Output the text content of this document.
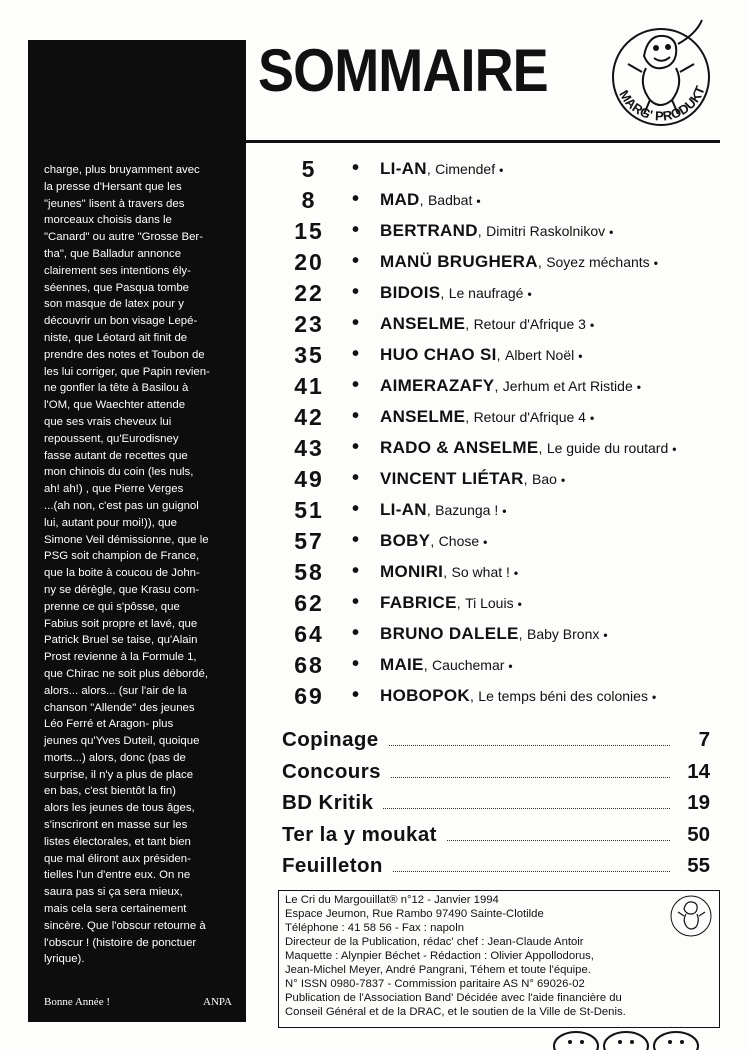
SOMMAIRE	MARG' PRODUKT
charge, plus bruyamment avec
la presse d'Hersant que les
"jeunes" lisent à travers des
morceaux choisis dans le
"Canard" ou autre "Grosse Ber-
tha", que Balladur annonce
clairement ses intentions ély-
séennes, que Pasqua tombe
son masque de latex pour y
découvrir un bon visage Lepé-
niste, que Léotard ait finit de
prendre des notes et Toubon de
les lui corriger, que Papin revien-
ne gonfler la tête à Basilou à
l'OM, que Waechter attende
que ses vrais cheveux lui
repoussent, qu'Eurodisney
fasse autant de recettes que
mon chinois du coin (les nuls,
ah! ah!) , que Pierre Verges
...(ah non, c'est pas un guignol
lui, autant pour moi!)), que
Simone Veil démissionne, que le
PSG soit champion de France,
que la boite à coucou de John-
ny se dérègle, que Krasu com-
prenne ce qui s'pôsse, que
Fabius soit propre et lavé, que
Patrick Bruel se taise, qu'Alain
Prost revienne à la Formule 1,
que Chirac ne soit plus débordé,
alors... alors... (sur l'air de la
chanson "Allende" des jeunes
Léo Ferré et Aragon- plus
jeunes qu'Yves Duteil, quoique
morts...) alors, donc (pas de
surprise, il n'y a plus de place
en bas, c'est bientôt la fin)
alors les jeunes de tous âges,
s'inscriront en masse sur les
listes électorales, et tant bien
que mal éliront aux présiden-
tielles l'un d'entre eux. On ne
saura pas si ça sera mieux,
mais cela sera certainement
sincère. Que l'obscur retourne à
l'obscur ! (histoire de ponctuer
lyrique).
Bonne Année !	ANPA
5	• LI-AN, Cimendef •
8	• MAD, Badbat •
15	• BERTRAND, Dimitri Raskolnikov •
20	• MANÜ BRUGHERA, Soyez méchants •
22	• BIDOIS, Le naufragé •
23	• ANSELME, Retour d'Afrique 3 •
35	• HUO CHAO SI, Albert Noël •
41	• AIMERAZAFY, Jerhum et Art Ristide •
42	• ANSELME, Retour d'Afrique 4 •
43	• RADO & ANSELME, Le guide du routard •
49	• VINCENT LIÉTAR, Bao •
51	• LI-AN, Bazunga ! •
57	• BOBY, Chose •
58	• MONIRI, So what ! •
62	• FABRICE, Ti Louis •
64	• BRUNO DALELE, Baby Bronx •
68	• MAIE, Cauchemar •
69	• HOBOPOK, Le temps béni des colonies •
Copinage	7
Concours	14
BD Kritik	19
Ter la y moukat	50
Feuilleton	55
Le Cri du Margouillat® n°12 - Janvier 1994
Espace Jeumon, Rue Rambo 97490 Sainte-Clotilde
Téléphone : 41 58 56 - Fax : napoln
Directeur de la Publication, rédac' chef : Jean-Claude Antoir
Maquette : Alynpier Béchet - Rédaction : Olivier Appollodorus,
Jean-Michel Meyer, André Pangrani, Téhem et toute l'équipe.
N° ISSN 0980-7837 - Commission paritaire AS N° 69026-02
Publication de l'Association Band' Décidée avec l'aide financière du
Conseil Général et de la DRAC, et le soutien de la Ville de St-Denis.
